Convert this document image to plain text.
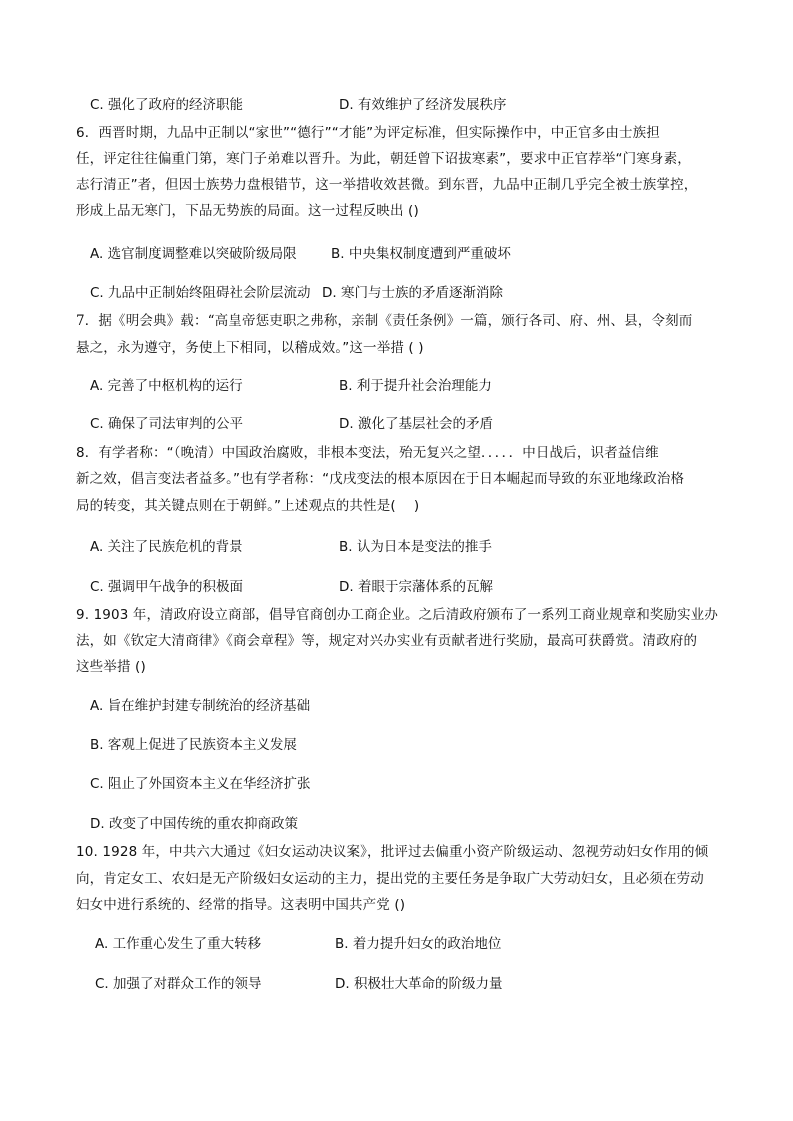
C. 强化了政府的经济职能	D. 有效维护了经济发展秩序
6．西晋时期，九品中正制以“家世”“德行”“才能”为评定标准，但实际操作中，中正官多由士族担
任，评定往往偏重门第，寒门子弟难以晋升。为此，朝廷曾下诏拔寒素”，要求中正官荐举“门寒身素，
志行清正”者，但因士族势力盘根错节，这一举措收效甚微。到东晋，九品中正制几乎完全被士族掌控，
形成上品无寒门，下品无势族的局面。这一过程反映出 ()
A. 选官制度调整难以突破阶级局限	B. 中央集权制度遭到严重破坏
C. 九品中正制始终阻碍社会阶层流动 D. 寒门与士族的矛盾逐渐消除
7．据《明会典》载：“高皇帝惩吏职之弗称，亲制《责任条例》一篇，颁行各司、府、州、县，令刻而
悬之，永为遵守，务使上下相同，以稽成效。”这一举措 ( )
A. 完善了中枢机构的运行	B. 利于提升社会治理能力
C. 确保了司法审判的公平	D. 激化了基层社会的矛盾
8．有学者称：“（晚清）中国政治腐败，非根本变法，殆无复兴之望．．．．．中日战后，识者益信维
新之效，倡言变法者益多。”也有学者称：“戊戌变法的根本原因在于日本崛起而导致的东亚地缘政治格
局的转变，其关键点则在于朝鲜。”上述观点的共性是(　 )
A. 关注了民族危机的背景	B. 认为日本是变法的推手
C. 强调甲午战争的积极面	D. 着眼于宗藩体系的瓦解
9. 1903 年，清政府设立商部，倡导官商创办工商企业。之后清政府颁布了一系列工商业规章和奖励实业办
法，如《钦定大清商律》《商会章程》等，规定对兴办实业有贡献者进行奖励，最高可获爵赏。清政府的
这些举措 ()
A. 旨在维护封建专制统治的经济基础
B. 客观上促进了民族资本主义发展
C. 阻止了外国资本主义在华经济扩张
D. 改变了中国传统的重农抑商政策
10. 1928 年，中共六大通过《妇女运动决议案》，批评过去偏重小资产阶级运动、忽视劳动妇女作用的倾
向，肯定女工、农妇是无产阶级妇女运动的主力，提出党的主要任务是争取广大劳动妇女，且必须在劳动
妇女中进行系统的、经常的指导。这表明中国共产党 ()
A. 工作重心发生了重大转移	B. 着力提升妇女的政治地位
C. 加强了对群众工作的领导	D. 积极壮大革命的阶级力量
